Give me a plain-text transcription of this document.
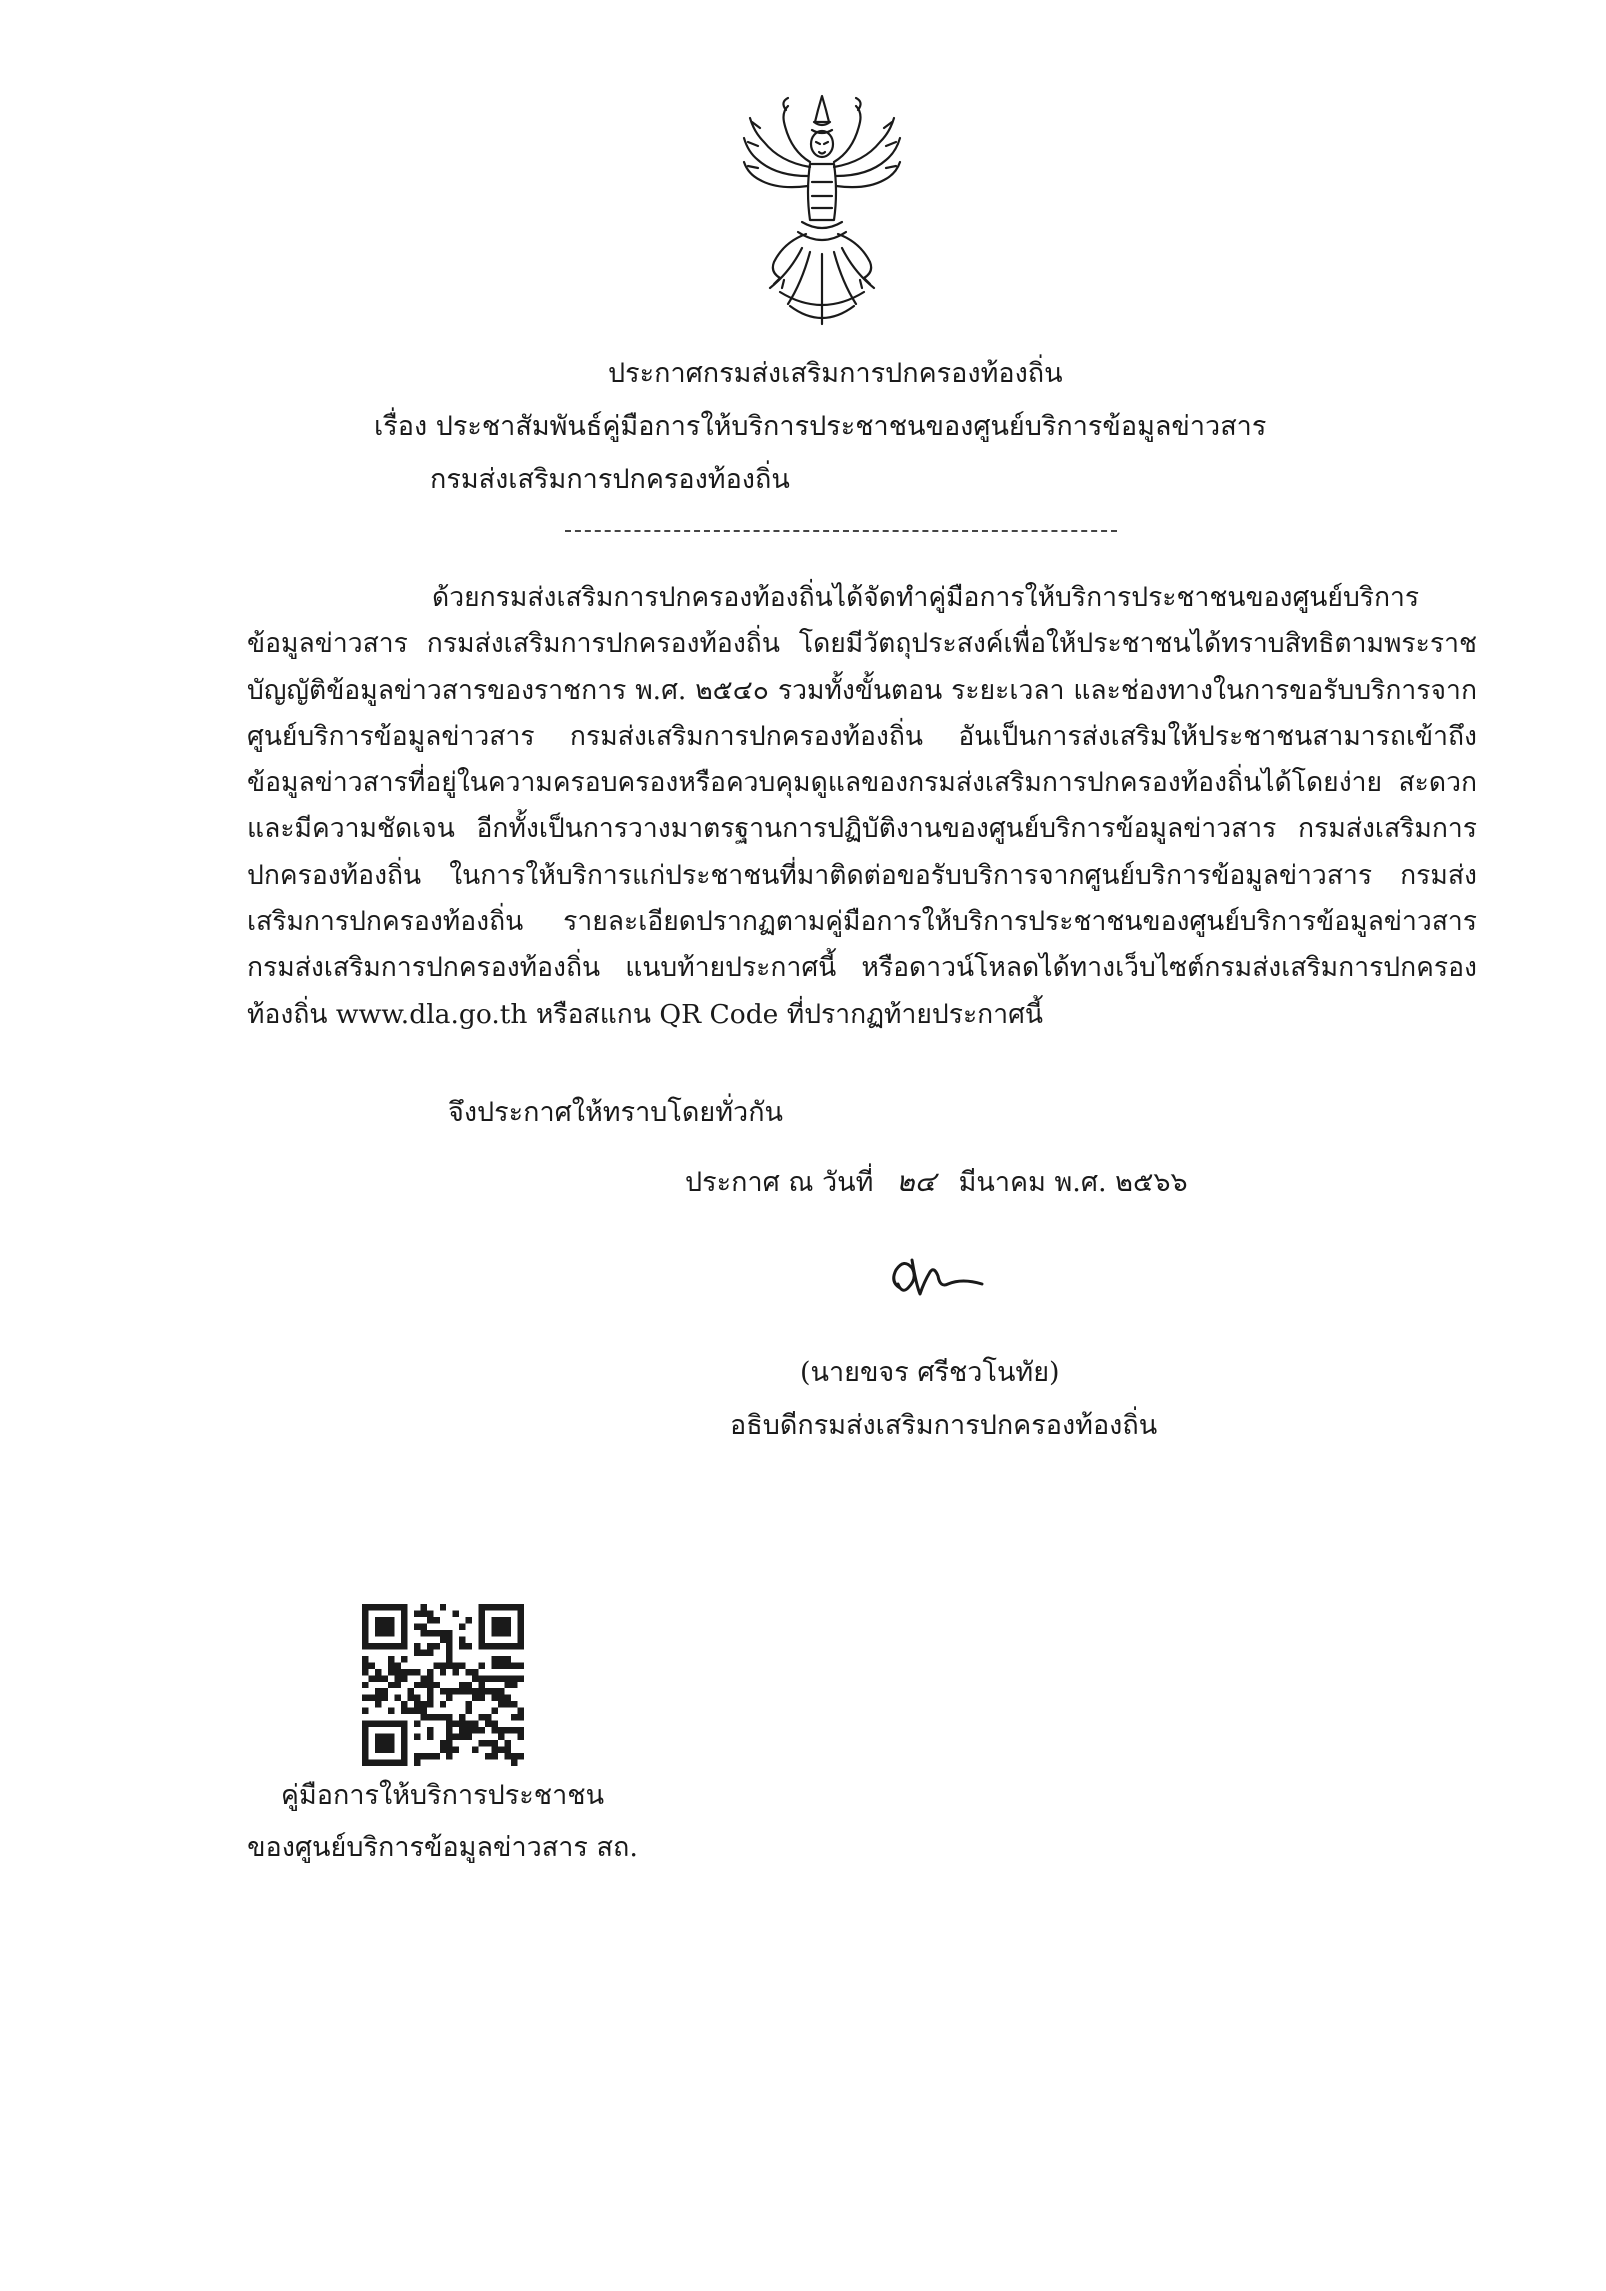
ประกาศกรมส่งเสริมการปกครองท้องถิ่น
เรื่อง ประชาสัมพันธ์คู่มือการให้บริการประชาชนของศูนย์บริการข้อมูลข่าวสาร
กรมส่งเสริมการปกครองท้องถิ่น

ด้วยกรมส่งเสริมการปกครองท้องถิ่นได้จัดทำคู่มือการให้บริการประชาชนของศูนย์บริการข้อมูลข่าวสาร กรมส่งเสริมการปกครองท้องถิ่น โดยมีวัตถุประสงค์เพื่อให้ประชาชนได้ทราบสิทธิตามพระราชบัญญัติข้อมูลข่าวสารของราชการ พ.ศ. ๒๕๔๐ รวมทั้งขั้นตอน ระยะเวลา และช่องทางในการขอรับบริการจากศูนย์บริการข้อมูลข่าวสาร กรมส่งเสริมการปกครองท้องถิ่น อันเป็นการส่งเสริมให้ประชาชนสามารถเข้าถึงข้อมูลข่าวสารที่อยู่ในความครอบครองหรือควบคุมดูแลของกรมส่งเสริมการปกครองท้องถิ่นได้โดยง่าย สะดวก และมีความชัดเจน อีกทั้งเป็นการวางมาตรฐานการปฏิบัติงานของศูนย์บริการข้อมูลข่าวสาร กรมส่งเสริมการปกครองท้องถิ่น ในการให้บริการแก่ประชาชนที่มาติดต่อขอรับบริการจากศูนย์บริการข้อมูลข่าวสาร กรมส่งเสริมการปกครองท้องถิ่น รายละเอียดปรากฏตามคู่มือการให้บริการประชาชนของศูนย์บริการข้อมูลข่าวสาร กรมส่งเสริมการปกครองท้องถิ่น แนบท้ายประกาศนี้ หรือดาวน์โหลดได้ทางเว็บไซต์กรมส่งเสริมการปกครองท้องถิ่น www.dla.go.th หรือสแกน QR Code ที่ปรากฏท้ายประกาศนี้

จึงประกาศให้ทราบโดยทั่วกัน
ประกาศ ณ วันที่ ๒๔ มีนาคม พ.ศ. ๒๕๖๖
(นายขจร ศรีชวโนทัย)
อธิบดีกรมส่งเสริมการปกครองท้องถิ่น
คู่มือการให้บริการประชาชน
ของศูนย์บริการข้อมูลข่าวสาร สถ.
